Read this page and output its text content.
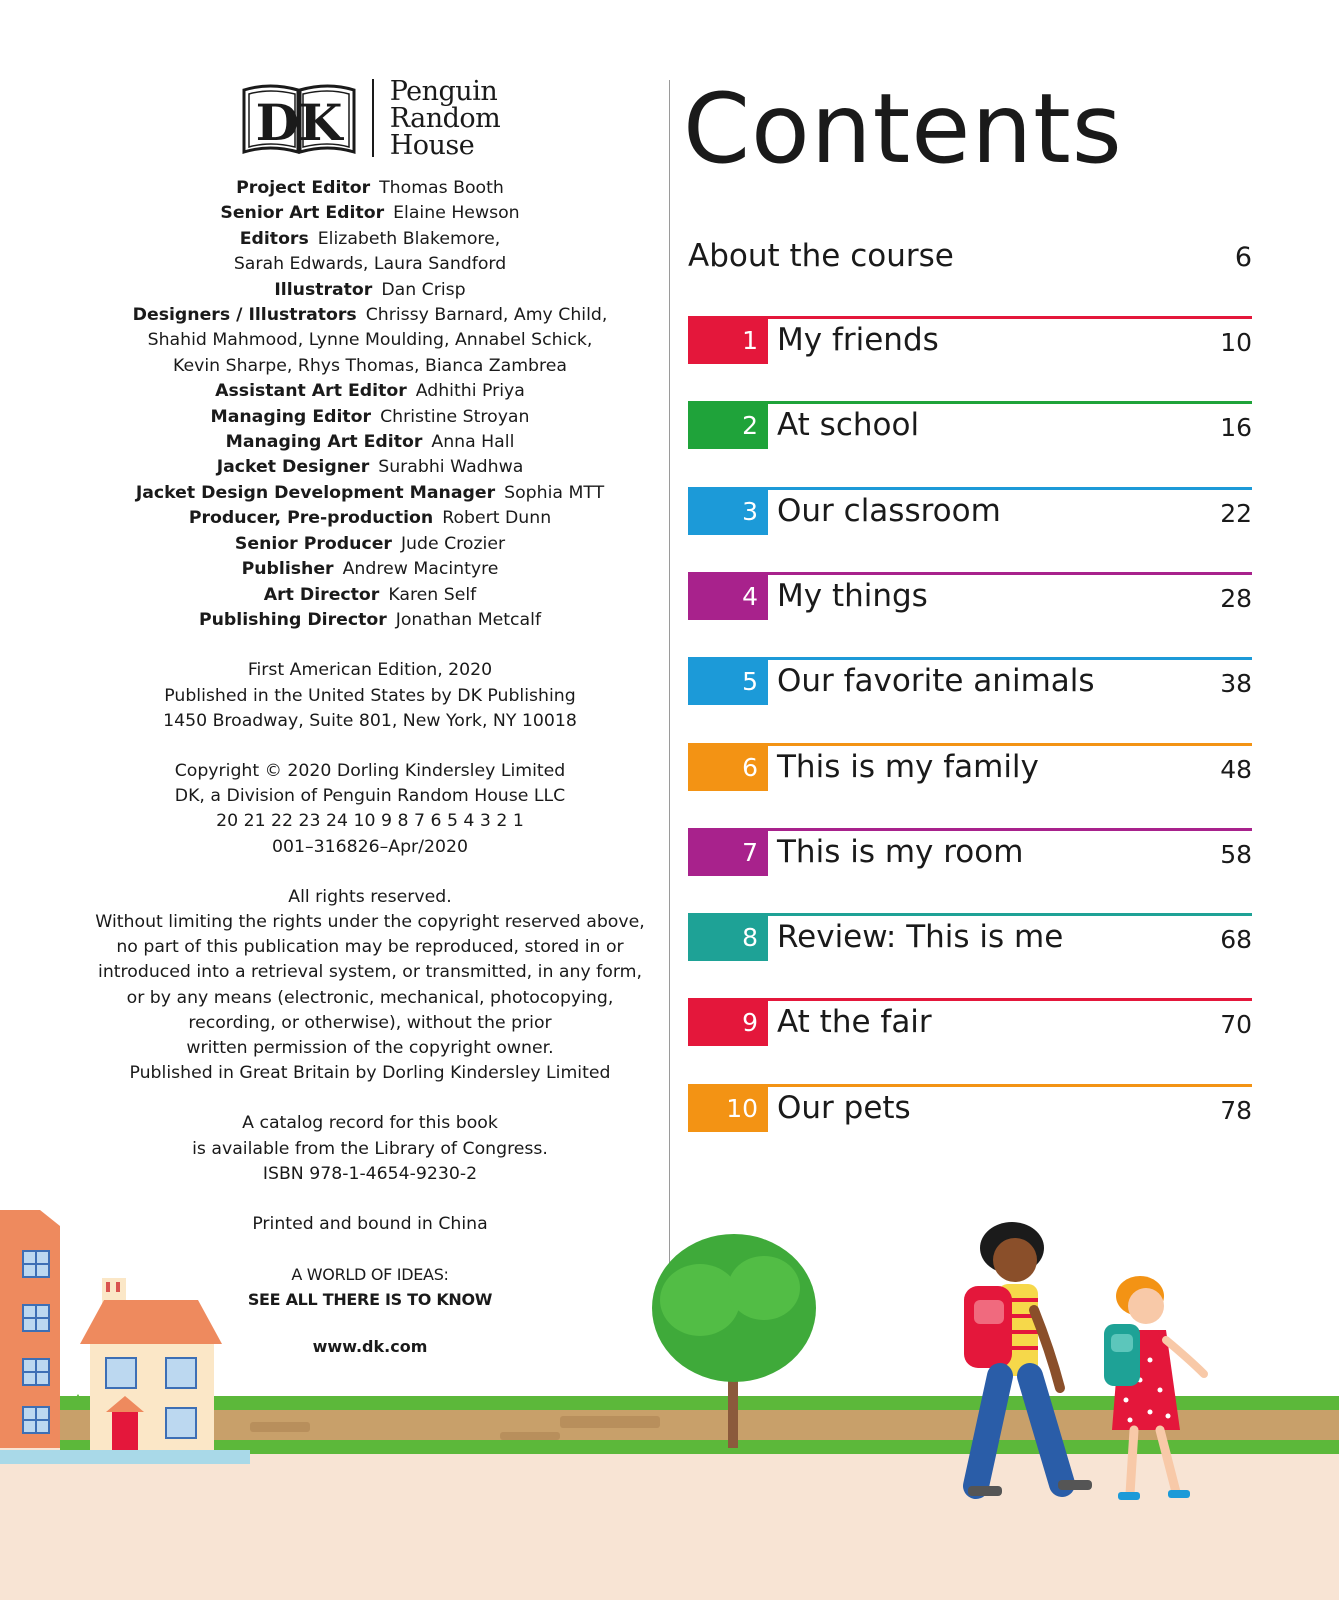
DK
Penguin
Random
House
Project Editor Thomas Booth
Senior Art Editor Elaine Hewson
Editors Elizabeth Blakemore,
Sarah Edwards, Laura Sandford
Illustrator Dan Crisp
Designers / Illustrators Chrissy Barnard, Amy Child,
Shahid Mahmood, Lynne Moulding, Annabel Schick,
Kevin Sharpe, Rhys Thomas, Bianca Zambrea
Assistant Art Editor Adhithi Priya
Managing Editor Christine Stroyan
Managing Art Editor Anna Hall
Jacket Designer Surabhi Wadhwa
Jacket Design Development Manager Sophia MTT
Producer, Pre-production Robert Dunn
Senior Producer Jude Crozier
Publisher Andrew Macintyre
Art Director Karen Self
Publishing Director Jonathan Metcalf
First American Edition, 2020
Published in the United States by DK Publishing
1450 Broadway, Suite 801, New York, NY 10018
Copyright © 2020 Dorling Kindersley Limited
DK, a Division of Penguin Random House LLC
20 21 22 23 24 10 9 8 7 6 5 4 3 2 1
001–316826–Apr/2020
All rights reserved.
Without limiting the rights under the copyright reserved above,
no part of this publication may be reproduced, stored in or
introduced into a retrieval system, or transmitted, in any form,
or by any means (electronic, mechanical, photocopying,
recording, or otherwise), without the prior
written permission of the copyright owner.
Published in Great Britain by Dorling Kindersley Limited
A catalog record for this book
is available from the Library of Congress.
ISBN 978-1-4654-9230-2
Printed and bound in China
A WORLD OF IDEAS:
SEE ALL THERE IS TO KNOW
www.dk.com
Contents
About the course	6
1 My friends	10
2 At school	16
3 Our classroom	22
4 My things	28
5 Our favorite animals	38
6 This is my family	48
7 This is my room	58
8 Review: This is me	68
9 At the fair	70
10 Our pets	78
